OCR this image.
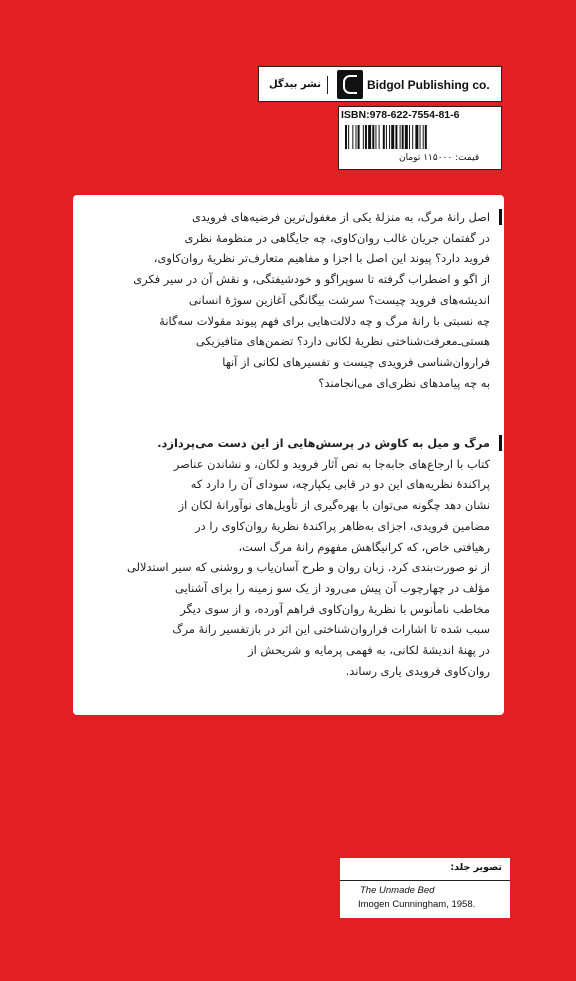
نشر بیدگل	Bidgol Publishing co.
ISBN:978-622-7554-81-6
قیمت: ۱۱۵۰۰۰ تومان
اصل رانهٔ مرگ، به منزلهٔ یکی از مغفول‌ترین فرضیه‌های فرویدی
در گفتمان جریان غالب روان‌کاوی، چه جایگاهی در منظومهٔ نظری
فروید دارد؟ پیوند این اصل با اجزا و مفاهیم متعارف‌تر نظریهٔ روان‌کاوی،
از اگو و اضطراب گرفته تا سوپراگو و خودشیفتگی، و نقش آن در سیر فکری
اندیشه‌های فروید چیست؟ سرشت بیگانگی آغازین سوژهٔ انسانی
چه نسبتی با رانهٔ مرگ و چه دلالت‌هایی برای فهم پیوند مقولات سه‌گانهٔ
هستی‌‌ـ‌معرفت‌شناختی نظریهٔ لکانی دارد؟ تضمن‌های متافیزیکی
فراروان‌شناسی فرویدی چیست و تفسیرهای لکانی از آنها
به چه پیامدهای نظری‌ای می‌انجامند؟
مرگ و میل به کاوش در پرسش‌هایی از این دست می‌پردازد.
کتاب با ارجاع‌های جابه‌جا به نص آثار فروید و لکان، و نشاندن عناصر
پراکندهٔ نظریه‌های این دو در قابی یکپارچه، سودای آن را دارد که
نشان دهد چگونه می‌توان با بهره‌گیری از تأویل‌های نوآورانهٔ لکان از
مضامین فرویدی، اجزای به‌ظاهر پراکندهٔ نظریهٔ روان‌کاوی را در
رهیافتی خاص، که کرانیگاهش مفهوم رانهٔ مرگ است،
از نو صورت‌بندی کرد. زبان روان و طرح آسان‌یاب و روشنی که سیر استدلالی
مؤلف در چهارچوب آن پیش می‌رود از یک سو زمینه را برای آشنایی
مخاطب نامأنوس با نظریهٔ روان‌کاوی فراهم آورده، و از سوی دیگر
سبب شده تا اشارات فراروان‌شناختی این اثر در بازتفسیر رانهٔ مرگ
در پهنهٔ اندیشهٔ لکانی، به فهمی پرمایه و شریحش از
روان‌کاوی فرویدی یاری رساند.
تصویر جلد:
The Unmade Bed
Imogen Cunningham, 1958.
